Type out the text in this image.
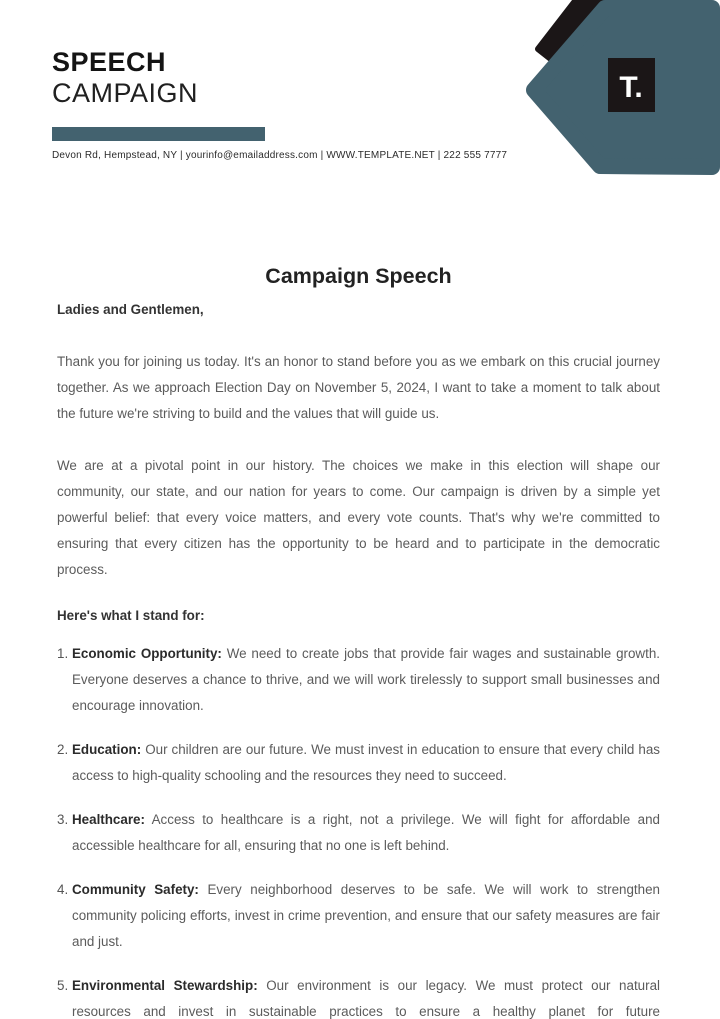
SPEECH
CAMPAIGN
Devon Rd, Hempstead, NY | yourinfo@emailaddress.com | WWW.TEMPLATE.NET | 222 555 7777
T.
Campaign Speech

Ladies and Gentlemen,

Thank you for joining us today. It's an honor to stand before you as we embark on this crucial journey together. As we approach Election Day on November 5, 2024, I want to take a moment to talk about the future we're striving to build and the values that will guide us.

We are at a pivotal point in our history. The choices we make in this election will shape our community, our state, and our nation for years to come. Our campaign is driven by a simple yet powerful belief: that every voice matters, and every vote counts. That's why we're committed to ensuring that every citizen has the opportunity to be heard and to participate in the democratic process.

Here's what I stand for:

1. Economic Opportunity: We need to create jobs that provide fair wages and sustainable growth. Everyone deserves a chance to thrive, and we will work tirelessly to support small businesses and encourage innovation.
2. Education: Our children are our future. We must invest in education to ensure that every child has access to high-quality schooling and the resources they need to succeed.
3. Healthcare: Access to healthcare is a right, not a privilege. We will fight for affordable and accessible healthcare for all, ensuring that no one is left behind.
4. Community Safety: Every neighborhood deserves to be safe. We will work to strengthen community policing efforts, invest in crime prevention, and ensure that our safety measures are fair and just.
5. Environmental Stewardship: Our environment is our legacy. We must protect our natural resources and invest in sustainable practices to ensure a healthy planet for future
